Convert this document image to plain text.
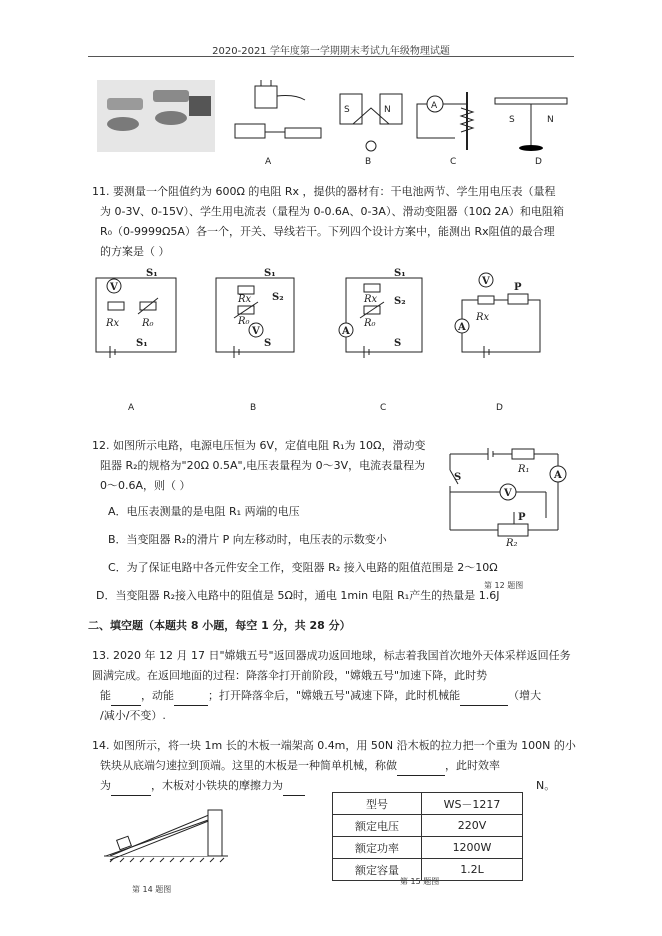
2020-2021 学年度第一学期期末考试九年级物理试题
A
S	N
B
A
C
S	N
D
11. 要测量一个阻值约为 600Ω 的电阻 Rx ，提供的器材有：干电池两节、学生用电压表（量程
为 0-3V、0-15V）、学生用电流表（量程为 0-0.6A、0-3A）、滑动变阻器（10Ω 2A）和电阻箱
R₀（0-9999Ω5A）各一个，开关、导线若干。下列四个设计方案中，能测出 Rx阻值的最合理
的方案是（ ）
V
Rx R₀
S₁
S₁
A
Rx
R₀
V
S₁
S₂
S
B
Rx
R₀
A
S₁
S₂
S
C
V
P
Rx
A
D
12. 如图所示电路，电源电压恒为 6V，定值电阻 R₁为 10Ω，滑动变
阻器 R₂的规格为"20Ω 0.5A",电压表量程为 0～3V，电流表量程为
0～0.6A，则（ ）
A．电压表测量的是电阻 R₁ 两端的电压
B．当变阻器 R₂的滑片 P 向左移动时，电压表的示数变小
C．为了保证电路中各元件安全工作，变阻器 R₂ 接入电路的阻值范围是 2～10Ω
D．当变阻器 R₂接入电路中的阻值是 5Ω时，通电 1min 电阻 R₁产生的热量是 1.6J
R₁
A
S
V
P
R₂
第 12 题图
二、填空题（本题共 8 小题，每空 1 分，共 28 分）
13. 2020 年 12 月 17 日"嫦娥五号"返回器成功返回地球，标志着我国首次地外天体采样返回任务
圆满完成。在返回地面的过程：降落伞打开前阶段，"嫦娥五号"加速下降，此时势
能	，动能	；打开降落伞后，"嫦娥五号"减速下降，此时机械能	（增大
/减小/不变）.
14. 如图所示，将一块 1m 长的木板一端架高 0.4m，用 50N 沿木板的拉力把一个重为 100N 的小
铁块从底端匀速拉到顶端。这里的木板是一种简单机械，称做	，此时效率
为	，木板对小铁块的摩擦力为	N。
第 14 题图
型号	WS－1217
额定电压	220V
额定功率	1200W
额定容量	1.2L
第 15 题图
